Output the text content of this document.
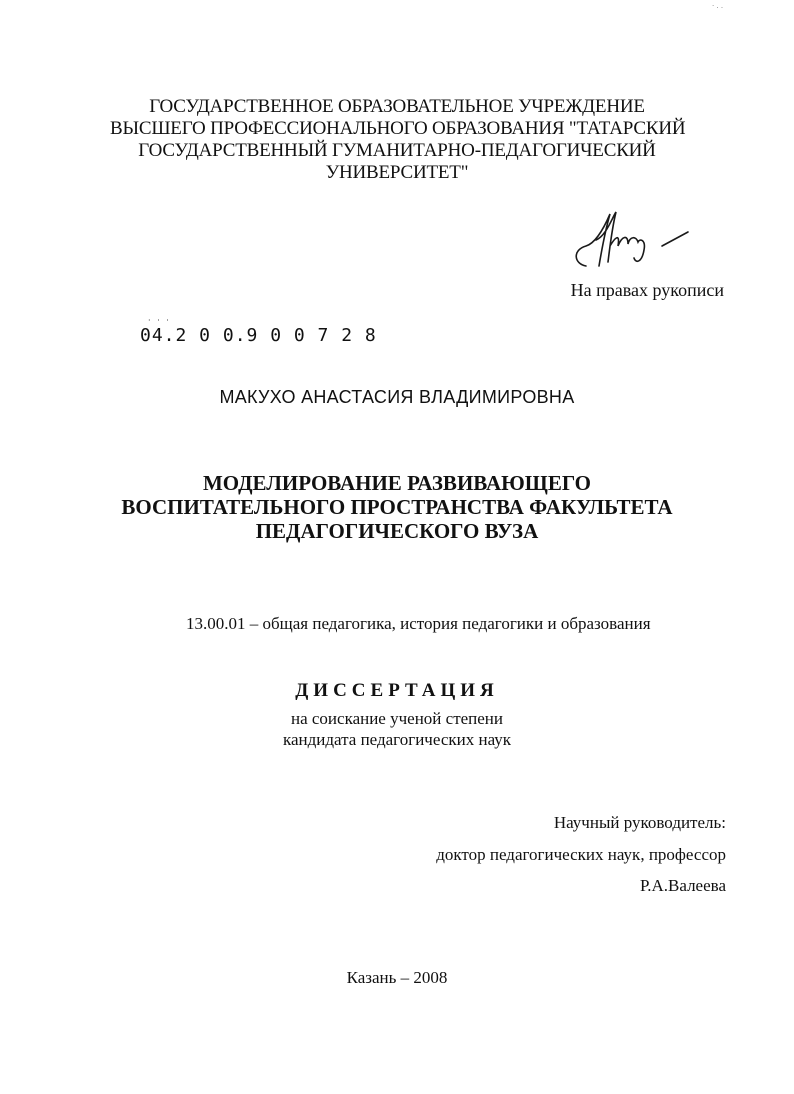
· . .
ГОСУДАРСТВЕННОЕ ОБРАЗОВАТЕЛЬНОЕ УЧРЕЖДЕНИЕ
ВЫСШЕГО ПРОФЕССИОНАЛЬНОГО ОБРАЗОВАНИЯ "ТАТАРСКИЙ
ГОСУДАРСТВЕННЫЙ ГУМАНИТАРНО-ПЕДАГОГИЧЕСКИЙ
УНИВЕРСИТЕТ"
На правах рукописи
· · ·
04.2 0 0.9 0 0 7 2 8
МАКУХО АНАСТАСИЯ ВЛАДИМИРОВНА
МОДЕЛИРОВАНИЕ РАЗВИВАЮЩЕГО
ВОСПИТАТЕЛЬНОГО ПРОСТРАНСТВА ФАКУЛЬТЕТА
ПЕДАГОГИЧЕСКОГО ВУЗА
13.00.01 – общая педагогика, история педагогики и образования
ДИССЕРТАЦИЯ
на соискание ученой степени
кандидата педагогических наук
Научный руководитель:
доктор педагогических наук, профессор
Р.А.Валеева
Казань – 2008
